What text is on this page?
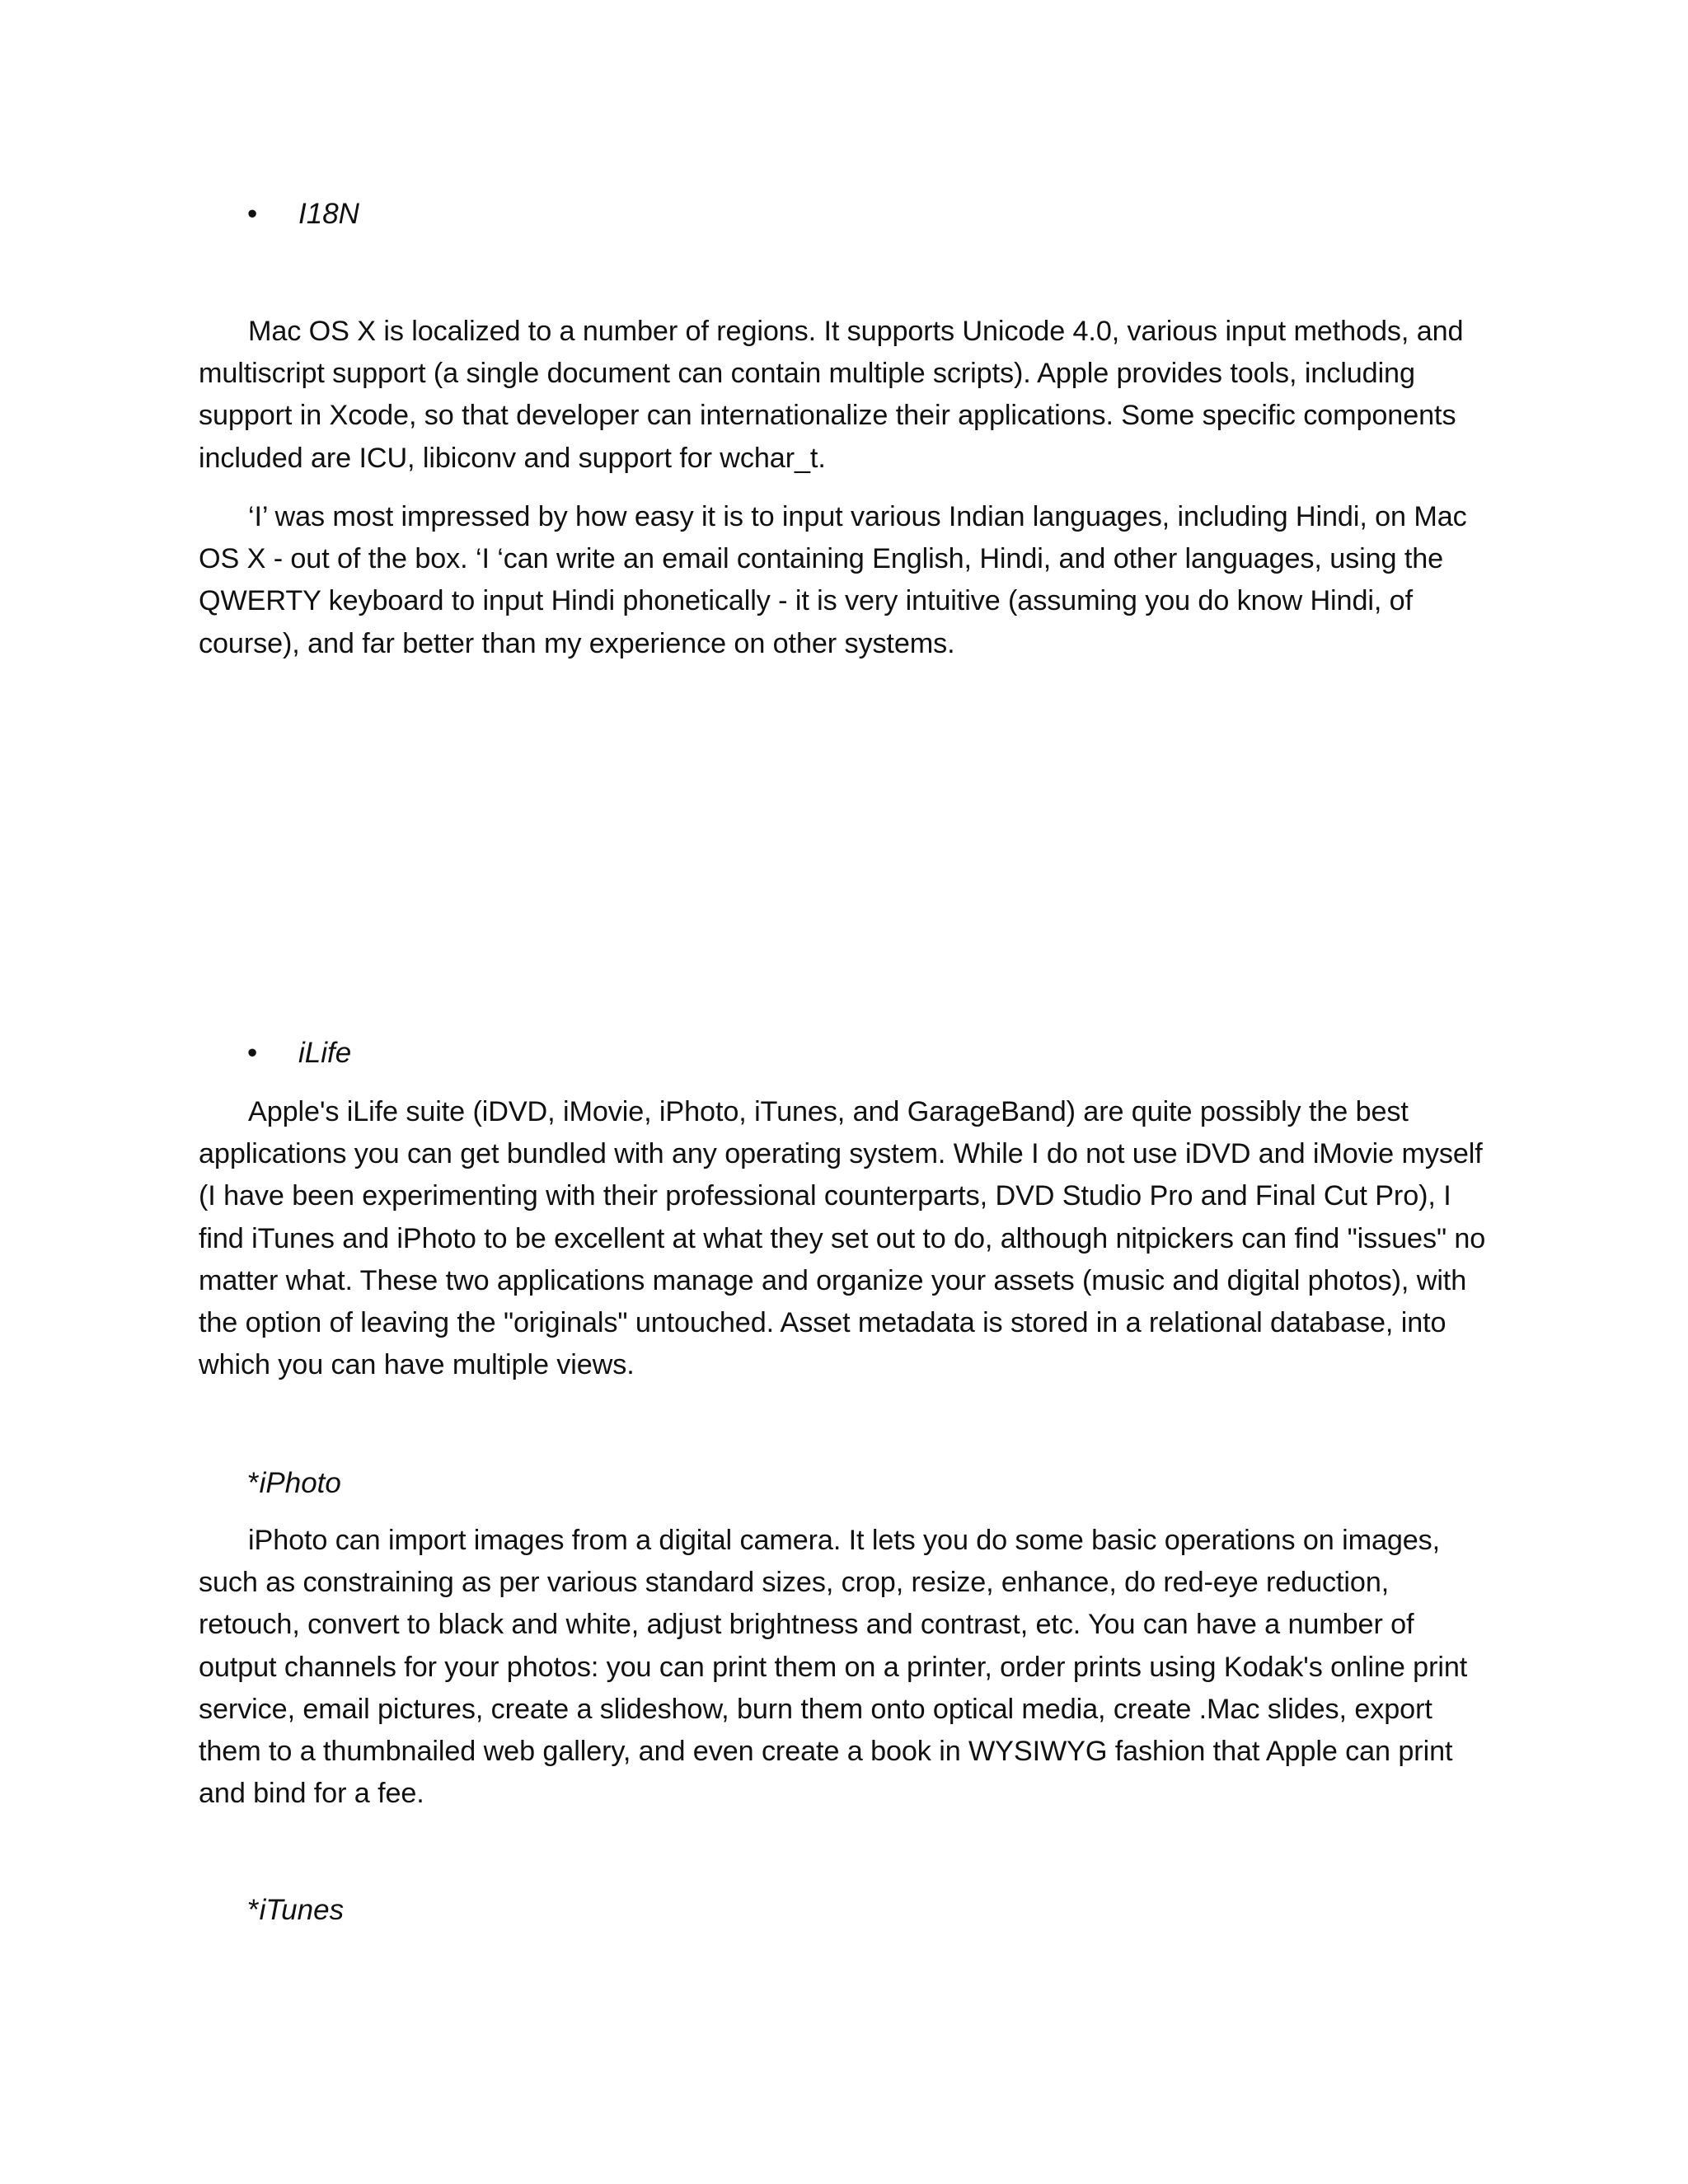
•	I18N

Mac OS X is localized to a number of regions. It supports Unicode 4.0, various input methods, and multiscript support (a single document can contain multiple scripts). Apple provides tools, including support in Xcode, so that developer can internationalize their applications. Some specific components included are ICU, libiconv and support for wchar_t.

‘I’ was most impressed by how easy it is to input various Indian languages, including Hindi, on Mac OS X - out of the box. ‘I ‘can write an email containing English, Hindi, and other languages, using the QWERTY keyboard to input Hindi phonetically - it is very intuitive (assuming you do know Hindi, of course), and far better than my experience on other systems.

•	iLife

Apple's iLife suite (iDVD, iMovie, iPhoto, iTunes, and GarageBand) are quite possibly the best applications you can get bundled with any operating system. While I do not use iDVD and iMovie myself (I have been experimenting with their professional counterparts, DVD Studio Pro and Final Cut Pro), I find iTunes and iPhoto to be excellent at what they set out to do, although nitpickers can find "issues" no matter what. These two applications manage and organize your assets (music and digital photos), with the option of leaving the "originals" untouched. Asset metadata is stored in a relational database, into which you can have multiple views.

*iPhoto

iPhoto can import images from a digital camera. It lets you do some basic operations on images, such as constraining as per various standard sizes, crop, resize, enhance, do red-eye reduction, retouch, convert to black and white, adjust brightness and contrast, etc. You can have a number of output channels for your photos: you can print them on a printer, order prints using Kodak's online print service, email pictures, create a slideshow, burn them onto optical media, create .Mac slides, export them to a thumbnailed web gallery, and even create a book in WYSIWYG fashion that Apple can print and bind for a fee.

*iTunes
